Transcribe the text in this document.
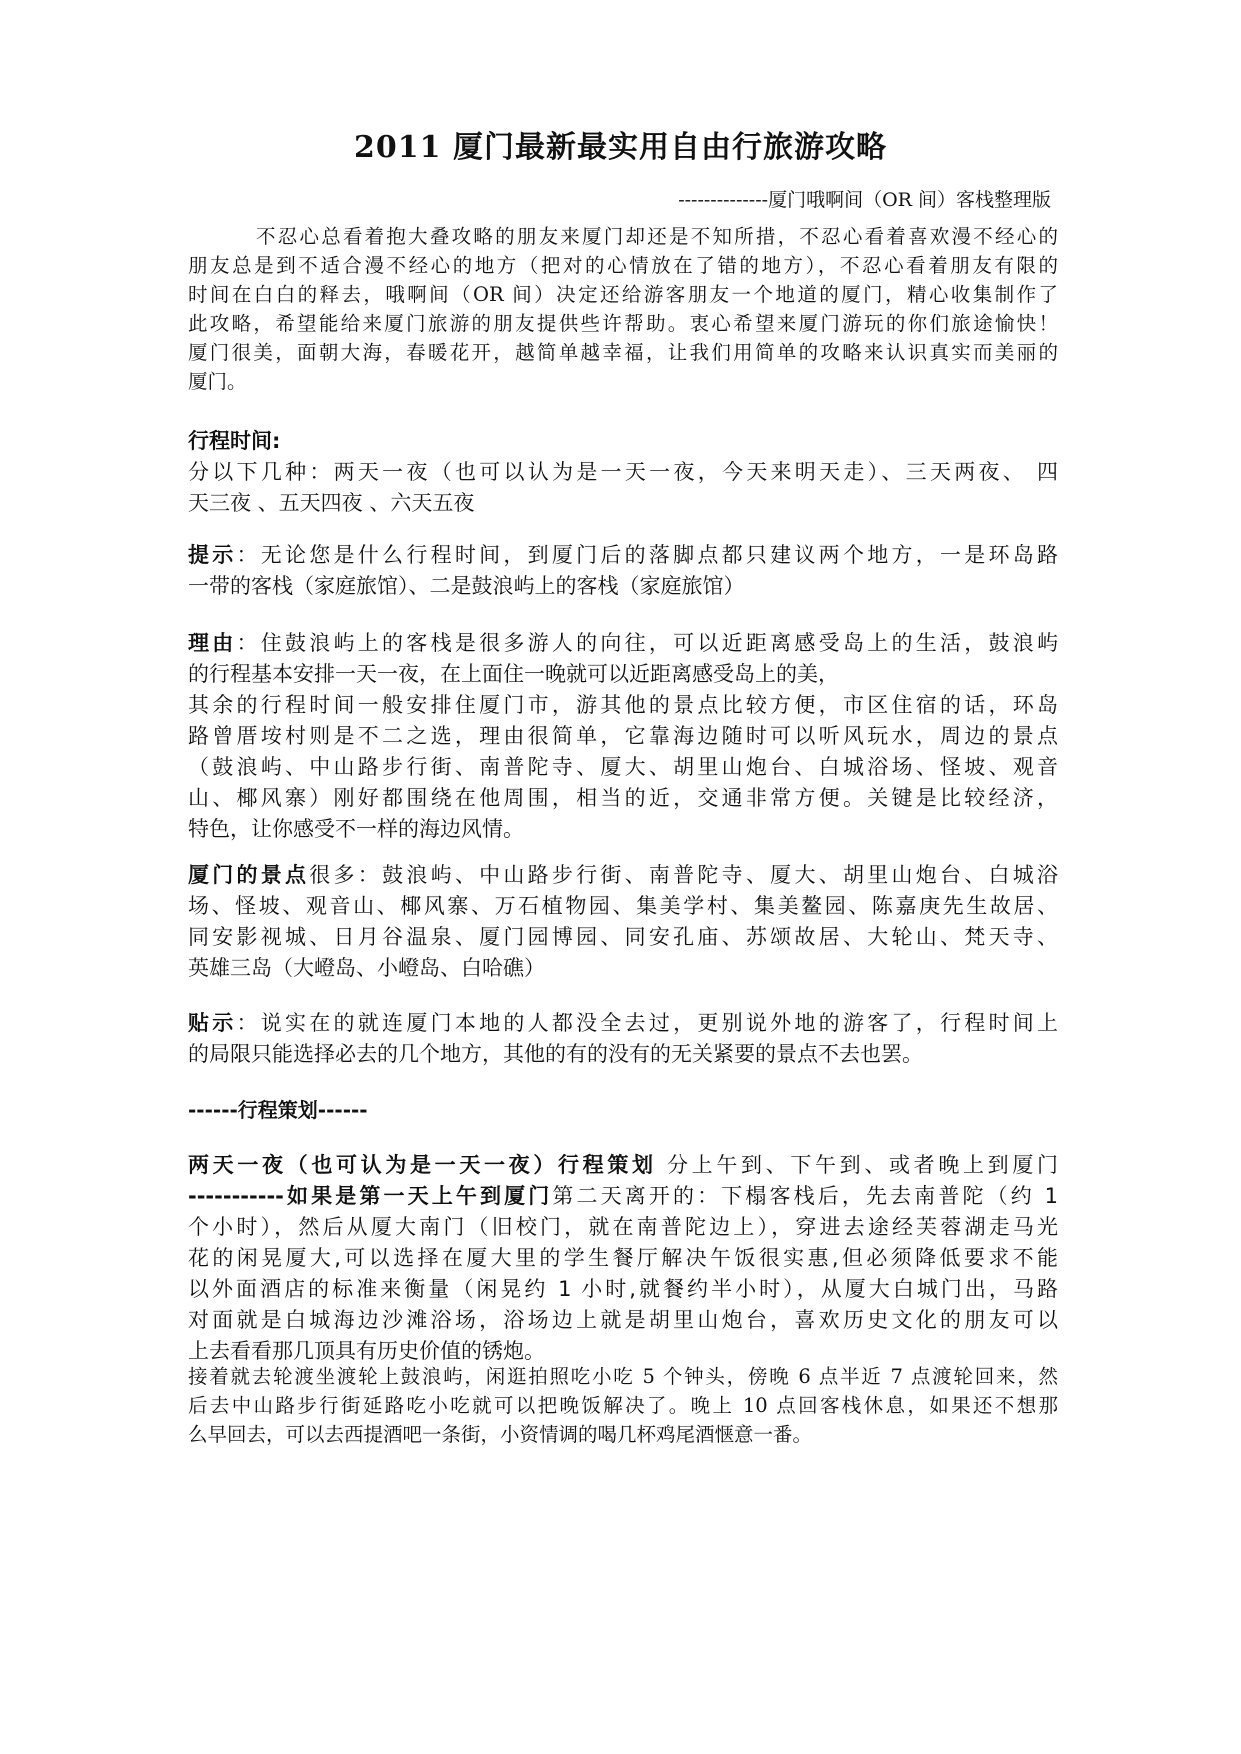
2011 厦门最新最实用自由行旅游攻略
--------------厦门哦啊间（OR 间）客栈整理版
不忍心总看着抱大叠攻略的朋友来厦门却还是不知所措，不忍心看着喜欢漫不经心的
朋友总是到不适合漫不经心的地方（把对的心情放在了错的地方），不忍心看着朋友有限的
时间在白白的释去，哦啊间（OR 间）决定还给游客朋友一个地道的厦门，精心收集制作了
此攻略，希望能给来厦门旅游的朋友提供些许帮助。衷心希望来厦门游玩的你们旅途愉快！
厦门很美，面朝大海，春暖花开，越简单越幸福，让我们用简单的攻略来认识真实而美丽的
厦门。
行程时间:
分以下几种：两天一夜（也可以认为是一天一夜，今天来明天走）、三天两夜、 四
天三夜 、五天四夜 、六天五夜
提示：无论您是什么行程时间，到厦门后的落脚点都只建议两个地方，一是环岛路
一带的客栈（家庭旅馆）、二是鼓浪屿上的客栈（家庭旅馆）
理由：住鼓浪屿上的客栈是很多游人的向往，可以近距离感受岛上的生活，鼓浪屿
的行程基本安排一天一夜，在上面住一晚就可以近距离感受岛上的美，
其余的行程时间一般安排住厦门市，游其他的景点比较方便，市区住宿的话，环岛
路曾厝垵村则是不二之选，理由很简单，它靠海边随时可以听风玩水，周边的景点
（鼓浪屿、中山路步行街、南普陀寺、厦大、胡里山炮台、白城浴场、怪坡、观音
山、椰风寨）刚好都围绕在他周围，相当的近，交通非常方便。关键是比较经济，
特色，让你感受不一样的海边风情。
厦门的景点很多：鼓浪屿、中山路步行街、南普陀寺、厦大、胡里山炮台、白城浴
场、怪坡、观音山、椰风寨、万石植物园、集美学村、集美鳌园、陈嘉庚先生故居、
同安影视城、日月谷温泉、厦门园博园、同安孔庙、苏颂故居、大轮山、梵天寺、
英雄三岛（大嶝岛、小嶝岛、白哈礁）
贴示：说实在的就连厦门本地的人都没全去过，更别说外地的游客了，行程时间上
的局限只能选择必去的几个地方，其他的有的没有的无关紧要的景点不去也罢。
------行程策划------
两天一夜（也可认为是一天一夜）行程策划 分上午到、下午到、或者晚上到厦门
-----------如果是第一天上午到厦门第二天离开的：下榻客栈后，先去南普陀（约 1
个小时），然后从厦大南门（旧校门，就在南普陀边上），穿进去途经芙蓉湖走马光
花的闲晃厦大,可以选择在厦大里的学生餐厅解决午饭很实惠,但必须降低要求不能
以外面酒店的标准来衡量（闲晃约 1 小时,就餐约半小时），从厦大白城门出，马路
对面就是白城海边沙滩浴场，浴场边上就是胡里山炮台，喜欢历史文化的朋友可以
上去看看那几顶具有历史价值的锈炮。
接着就去轮渡坐渡轮上鼓浪屿，闲逛拍照吃小吃 5 个钟头，傍晚 6 点半近 7 点渡轮回来，然
后去中山路步行街延路吃小吃就可以把晚饭解决了。晚上 10 点回客栈休息，如果还不想那
么早回去，可以去西提酒吧一条街，小资情调的喝几杯鸡尾酒惬意一番。
